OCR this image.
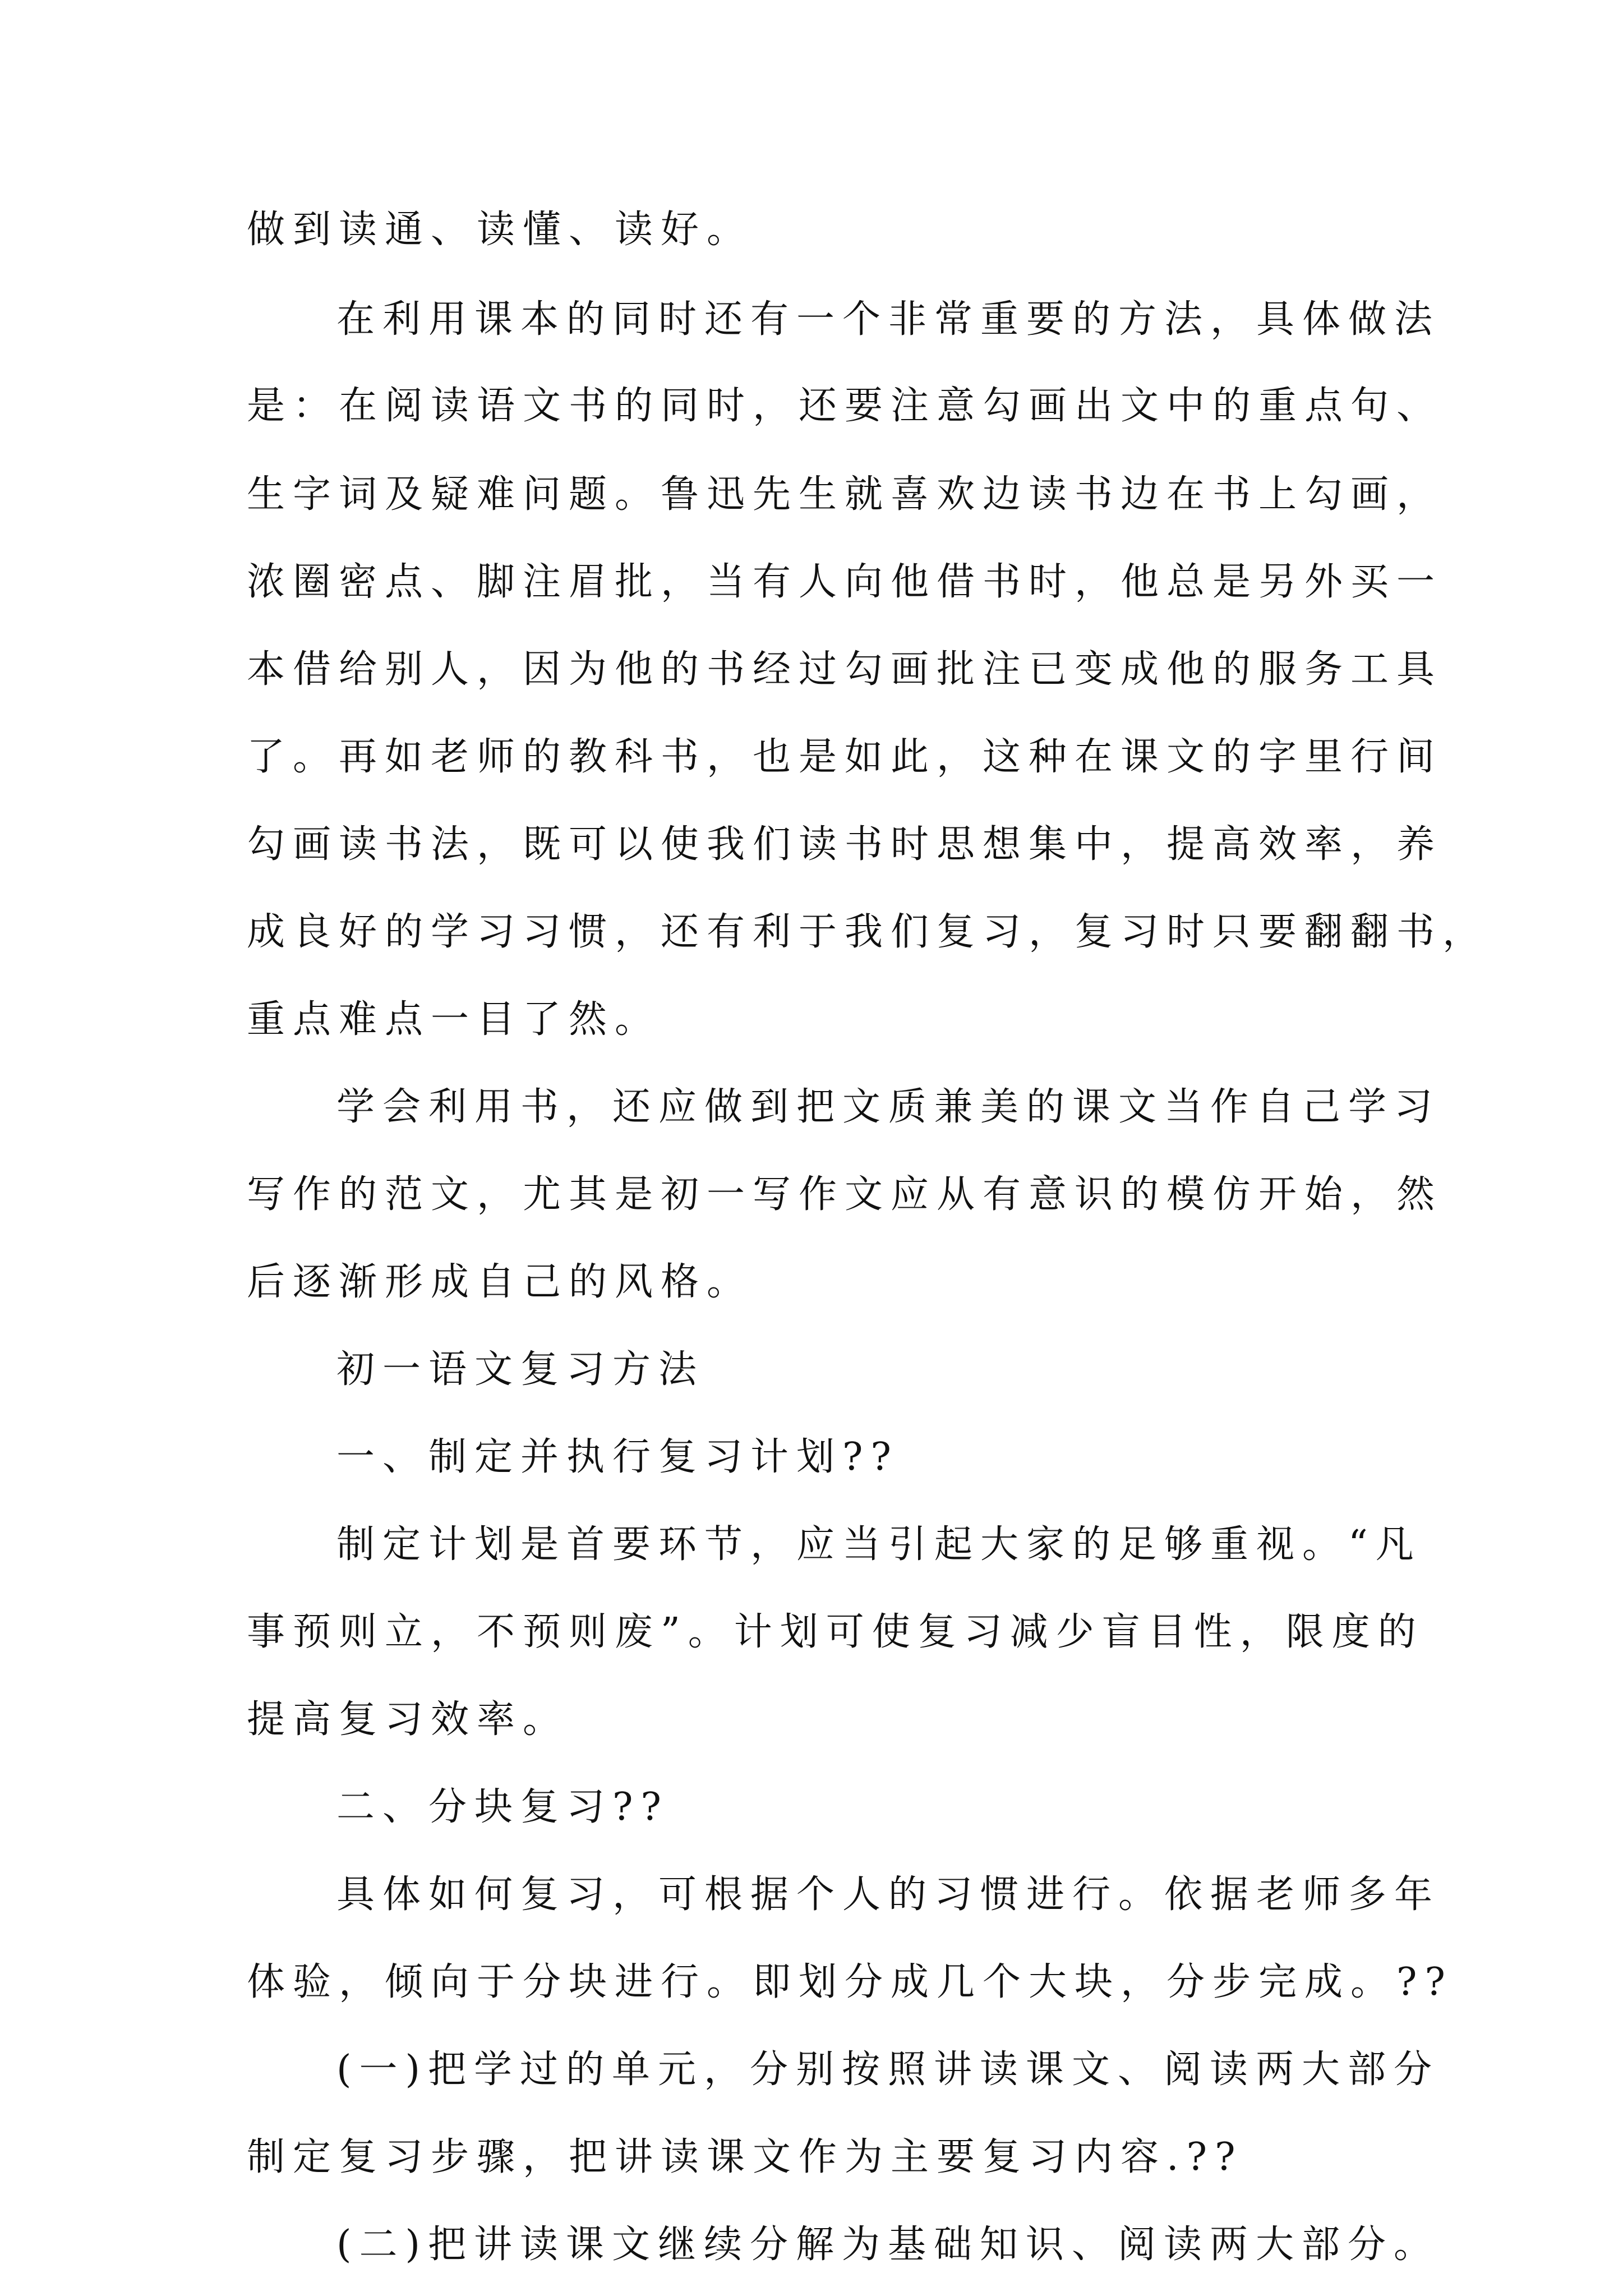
做到读通、读懂、读好。
在利用课本的同时还有一个非常重要的方法，具体做法
是：在阅读语文书的同时，还要注意勾画出文中的重点句、
生字词及疑难问题。鲁迅先生就喜欢边读书边在书上勾画，
浓圈密点、脚注眉批，当有人向他借书时，他总是另外买一
本借给别人，因为他的书经过勾画批注已变成他的服务工具
了。再如老师的教科书，也是如此，这种在课文的字里行间
勾画读书法，既可以使我们读书时思想集中，提高效率，养
成良好的学习习惯，还有利于我们复习，复习时只要翻翻书，
重点难点一目了然。
学会利用书，还应做到把文质兼美的课文当作自己学习
写作的范文，尤其是初一写作文应从有意识的模仿开始，然
后逐渐形成自己的风格。
初一语文复习方法
一、制定并执行复习计划??
制定计划是首要环节，应当引起大家的足够重视。“凡
事预则立，不预则废”。计划可使复习减少盲目性，限度的
提高复习效率。
二、分块复习??
具体如何复习，可根据个人的习惯进行。依据老师多年
体验，倾向于分块进行。即划分成几个大块，分步完成。??
(一)把学过的单元，分别按照讲读课文、阅读两大部分
制定复习步骤，把讲读课文作为主要复习内容.??
(二)把讲读课文继续分解为基础知识、阅读两大部分。
